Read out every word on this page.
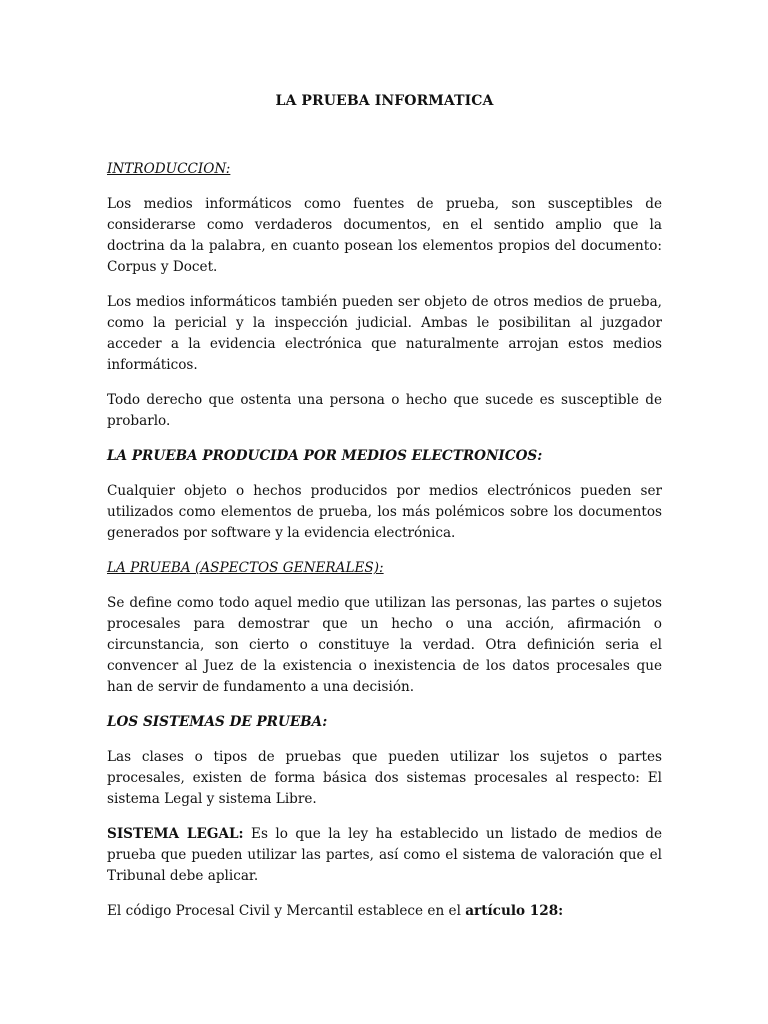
LA PRUEBA INFORMATICA
INTRODUCCION:

Los medios informáticos como fuentes de prueba, son susceptibles de considerarse como verdaderos documentos, en el sentido amplio que la doctrina da la palabra, en cuanto posean los elementos propios del documento: Corpus y Docet.

Los medios informáticos también pueden ser objeto de otros medios de prueba, como la pericial y la inspección judicial. Ambas le posibilitan al juzgador acceder a la evidencia electrónica que naturalmente arrojan estos medios informáticos.

Todo derecho que ostenta una persona o hecho que sucede es susceptible de probarlo.

LA PRUEBA PRODUCIDA POR MEDIOS ELECTRONICOS:

Cualquier objeto o hechos producidos por medios electrónicos pueden ser utilizados como elementos de prueba, los más polémicos sobre los documentos generados por software y la evidencia electrónica.

LA PRUEBA (ASPECTOS GENERALES):

Se define como todo aquel medio que utilizan las personas, las partes o sujetos procesales para demostrar que un hecho o una acción, afirmación o circunstancia, son cierto o constituye la verdad. Otra definición seria el convencer al Juez de la existencia o inexistencia de los datos procesales que han de servir de fundamento a una decisión.

LOS SISTEMAS DE PRUEBA:

Las clases o tipos de pruebas que pueden utilizar los sujetos o partes procesales, existen de forma básica dos sistemas procesales al respecto: El sistema Legal y sistema Libre.

SISTEMA LEGAL: Es lo que la ley ha establecido un listado de medios de prueba que pueden utilizar las partes, así como el sistema de valoración que el Tribunal debe aplicar.

El código Procesal Civil y Mercantil establece en el artículo 128:
